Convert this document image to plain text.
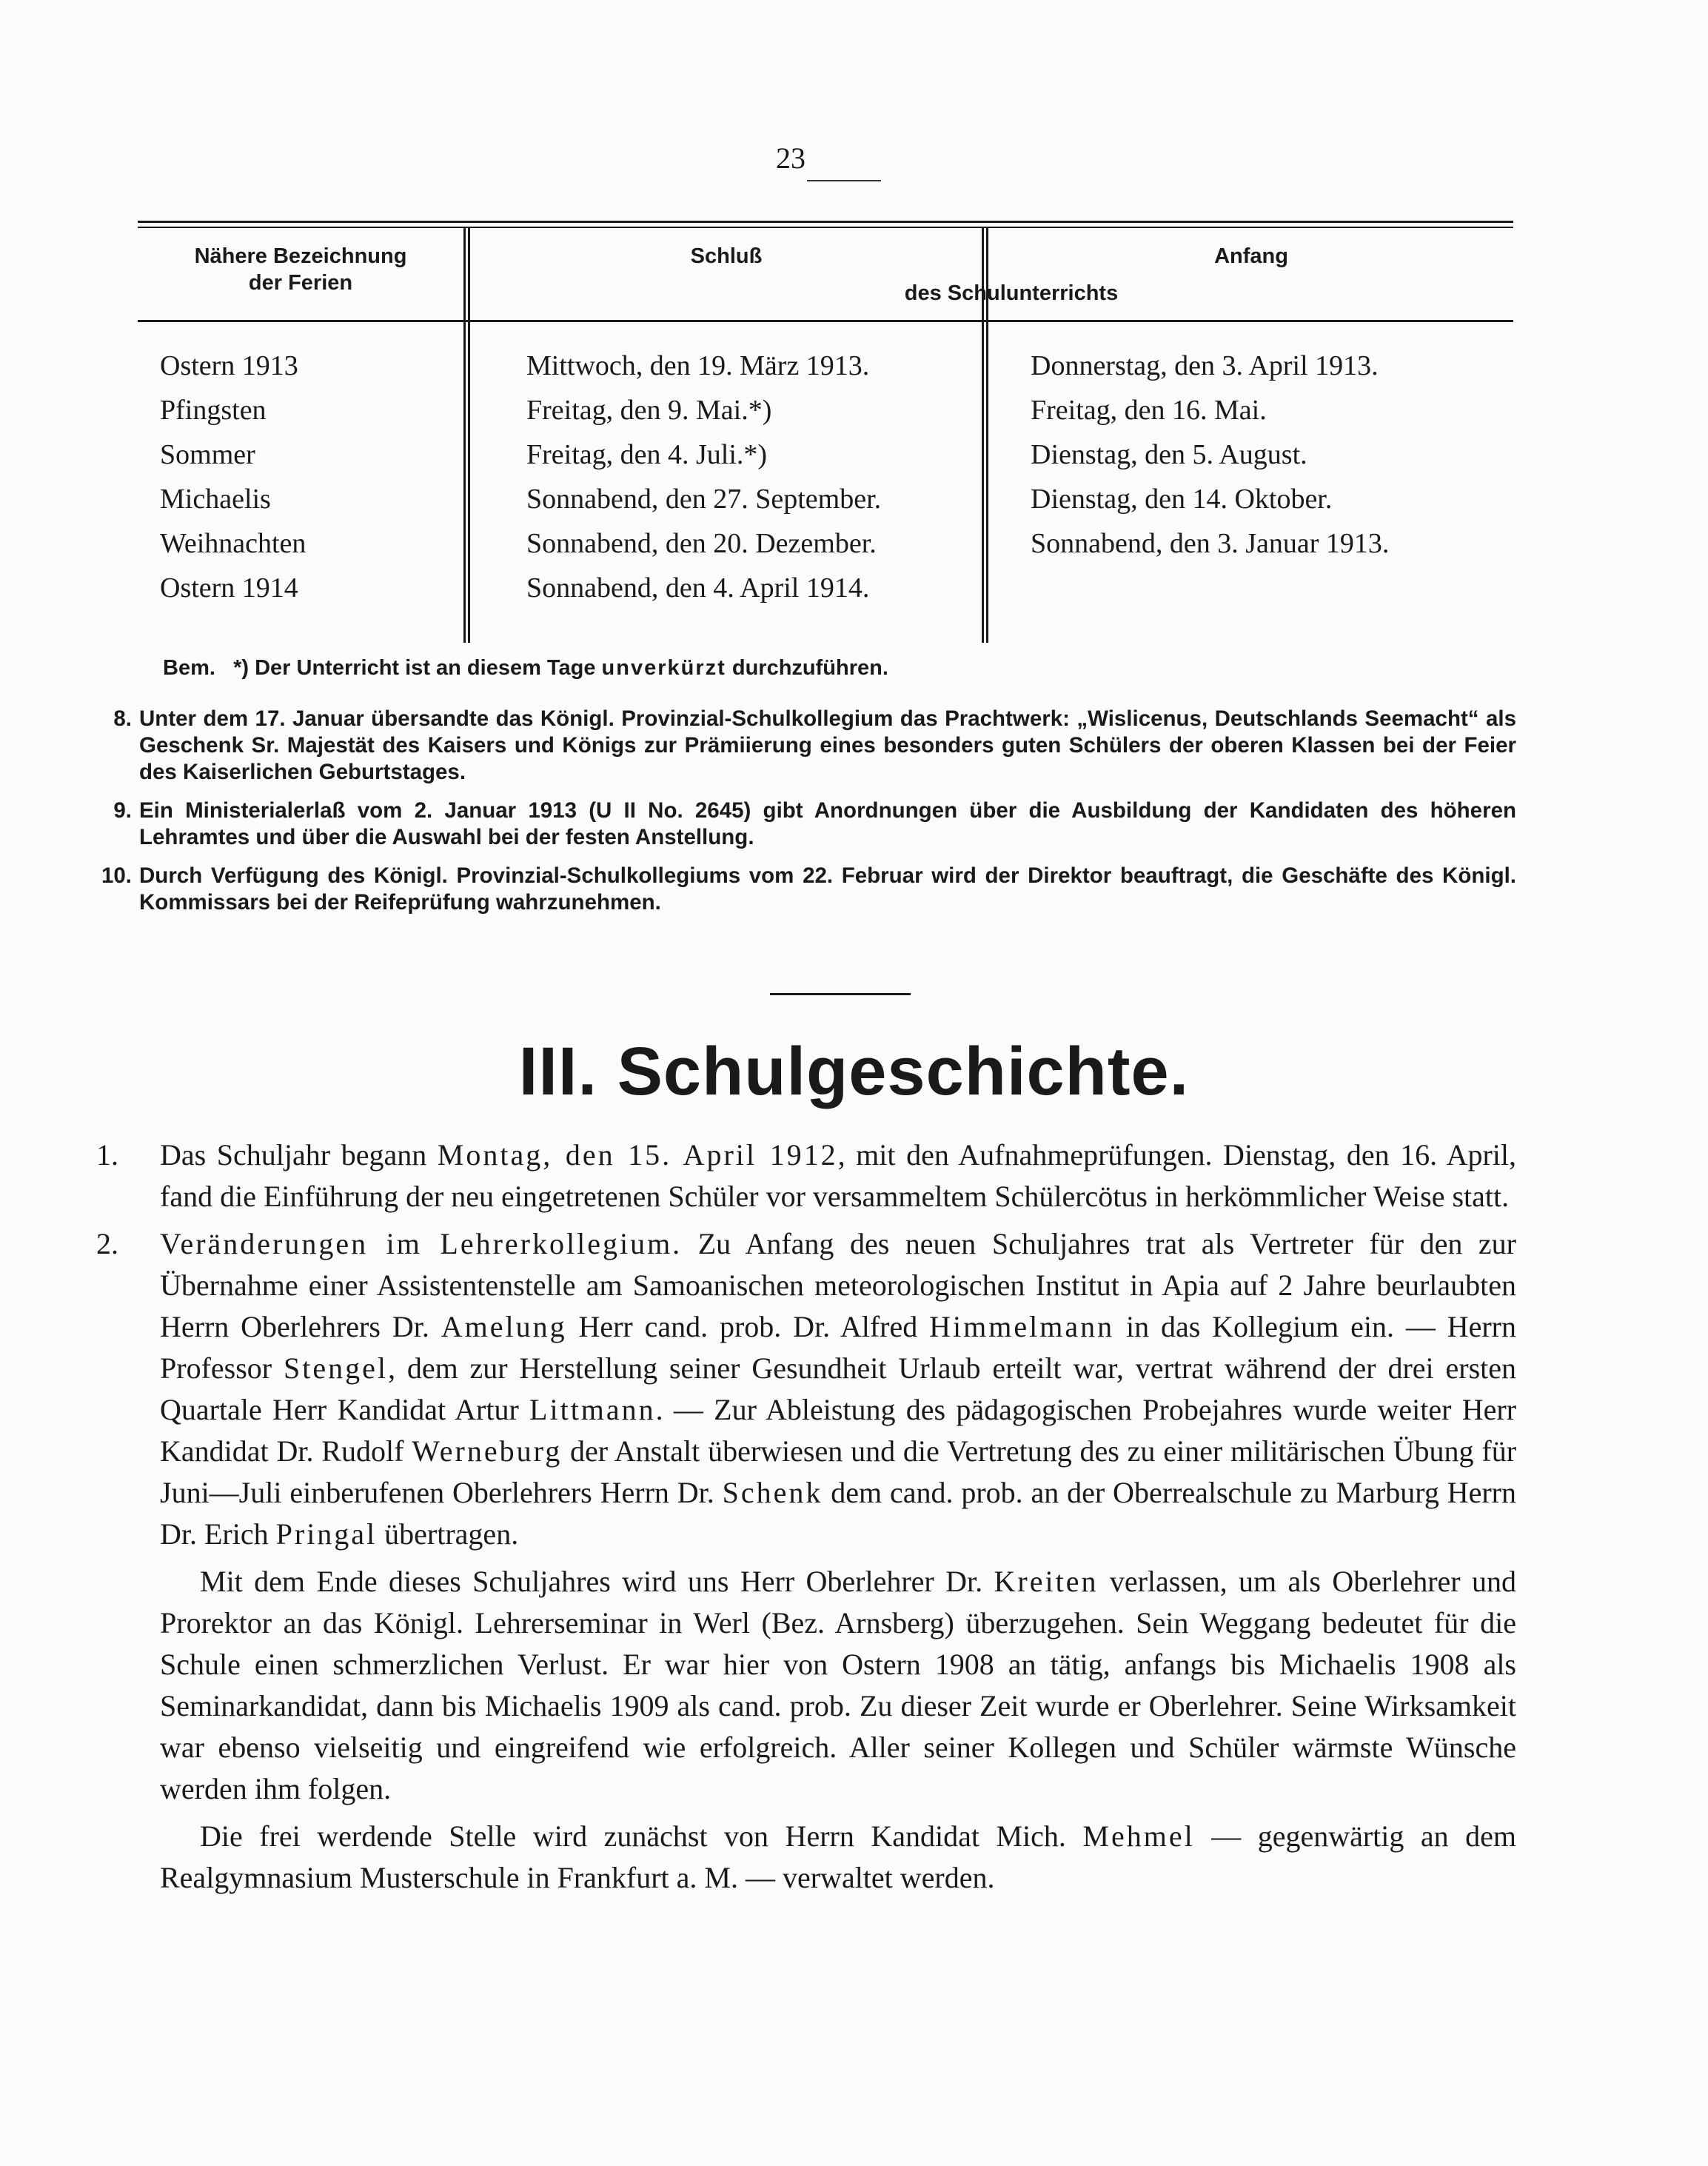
23
Nähere Bezeichnung
der Ferien
Schluß	Anfang
des Schulunterrichts
Ostern 1913	Mittwoch, den 19. März 1913.	Donnerstag, den 3. April 1913.
Pfingsten	Freitag, den 9. Mai.*)	Freitag, den 16. Mai.
Sommer	Freitag, den 4. Juli.*)	Dienstag, den 5. August.
Michaelis	Sonnabend, den 27. September.	Dienstag, den 14. Oktober.
Weihnachten	Sonnabend, den 20. Dezember.	Sonnabend, den 3. Januar 1913.
Ostern 1914	Sonnabend, den 4. April 1914.
Bem.   *) Der Unterricht ist an diesem Tage unverkürzt durchzuführen.
8. Unter dem 17. Januar übersandte das Königl. Provinzial-Schulkollegium das Prachtwerk: „Wislicenus, Deutschlands Seemacht“ als Geschenk Sr. Majestät des Kaisers und Königs zur Prämiierung eines besonders guten Schülers der oberen Klassen bei der Feier des Kaiserlichen Geburtstages.
9. Ein Ministerialerlaß vom 2. Januar 1913 (U II No. 2645) gibt Anordnungen über die Ausbildung der Kandidaten des höheren Lehramtes und über die Auswahl bei der festen Anstellung.
10. Durch Verfügung des Königl. Provinzial-Schulkollegiums vom 22. Februar wird der Direktor beauftragt, die Geschäfte des Königl. Kommissars bei der Reifeprüfung wahrzunehmen.
III. Schulgeschichte.
1. Das Schuljahr begann Montag, den 15. April 1912, mit den Aufnahmeprüfungen. Dienstag, den 16. April, fand die Einführung der neu eingetretenen Schüler vor versammeltem Schülercötus in herkömmlicher Weise statt.
2. Veränderungen im Lehrerkollegium. Zu Anfang des neuen Schuljahres trat als Vertreter für den zur Übernahme einer Assistentenstelle am Samoanischen meteorologischen Institut in Apia auf 2 Jahre beurlaubten Herrn Oberlehrers Dr. Amelung Herr cand. prob. Dr. Alfred Himmelmann in das Kollegium ein. — Herrn Professor Stengel, dem zur Herstellung seiner Gesundheit Urlaub erteilt war, vertrat während der drei ersten Quartale Herr Kandidat Artur Littmann. — Zur Ableistung des pädagogischen Probejahres wurde weiter Herr Kandidat Dr. Rudolf Werneburg der Anstalt überwiesen und die Vertretung des zu einer militärischen Übung für Juni—Juli einberufenen Oberlehrers Herrn Dr. Schenk dem cand. prob. an der Oberrealschule zu Marburg Herrn Dr. Erich Pringal übertragen.
Mit dem Ende dieses Schuljahres wird uns Herr Oberlehrer Dr. Kreiten verlassen, um als Oberlehrer und Prorektor an das Königl. Lehrerseminar in Werl (Bez. Arnsberg) überzugehen. Sein Weggang bedeutet für die Schule einen schmerzlichen Verlust. Er war hier von Ostern 1908 an tätig, anfangs bis Michaelis 1908 als Seminarkandidat, dann bis Michaelis 1909 als cand. prob. Zu dieser Zeit wurde er Oberlehrer. Seine Wirksamkeit war ebenso vielseitig und eingreifend wie erfolgreich. Aller seiner Kollegen und Schüler wärmste Wünsche werden ihm folgen.
Die frei werdende Stelle wird zunächst von Herrn Kandidat Mich. Mehmel — gegenwärtig an dem Realgymnasium Musterschule in Frankfurt a. M. — verwaltet werden.
